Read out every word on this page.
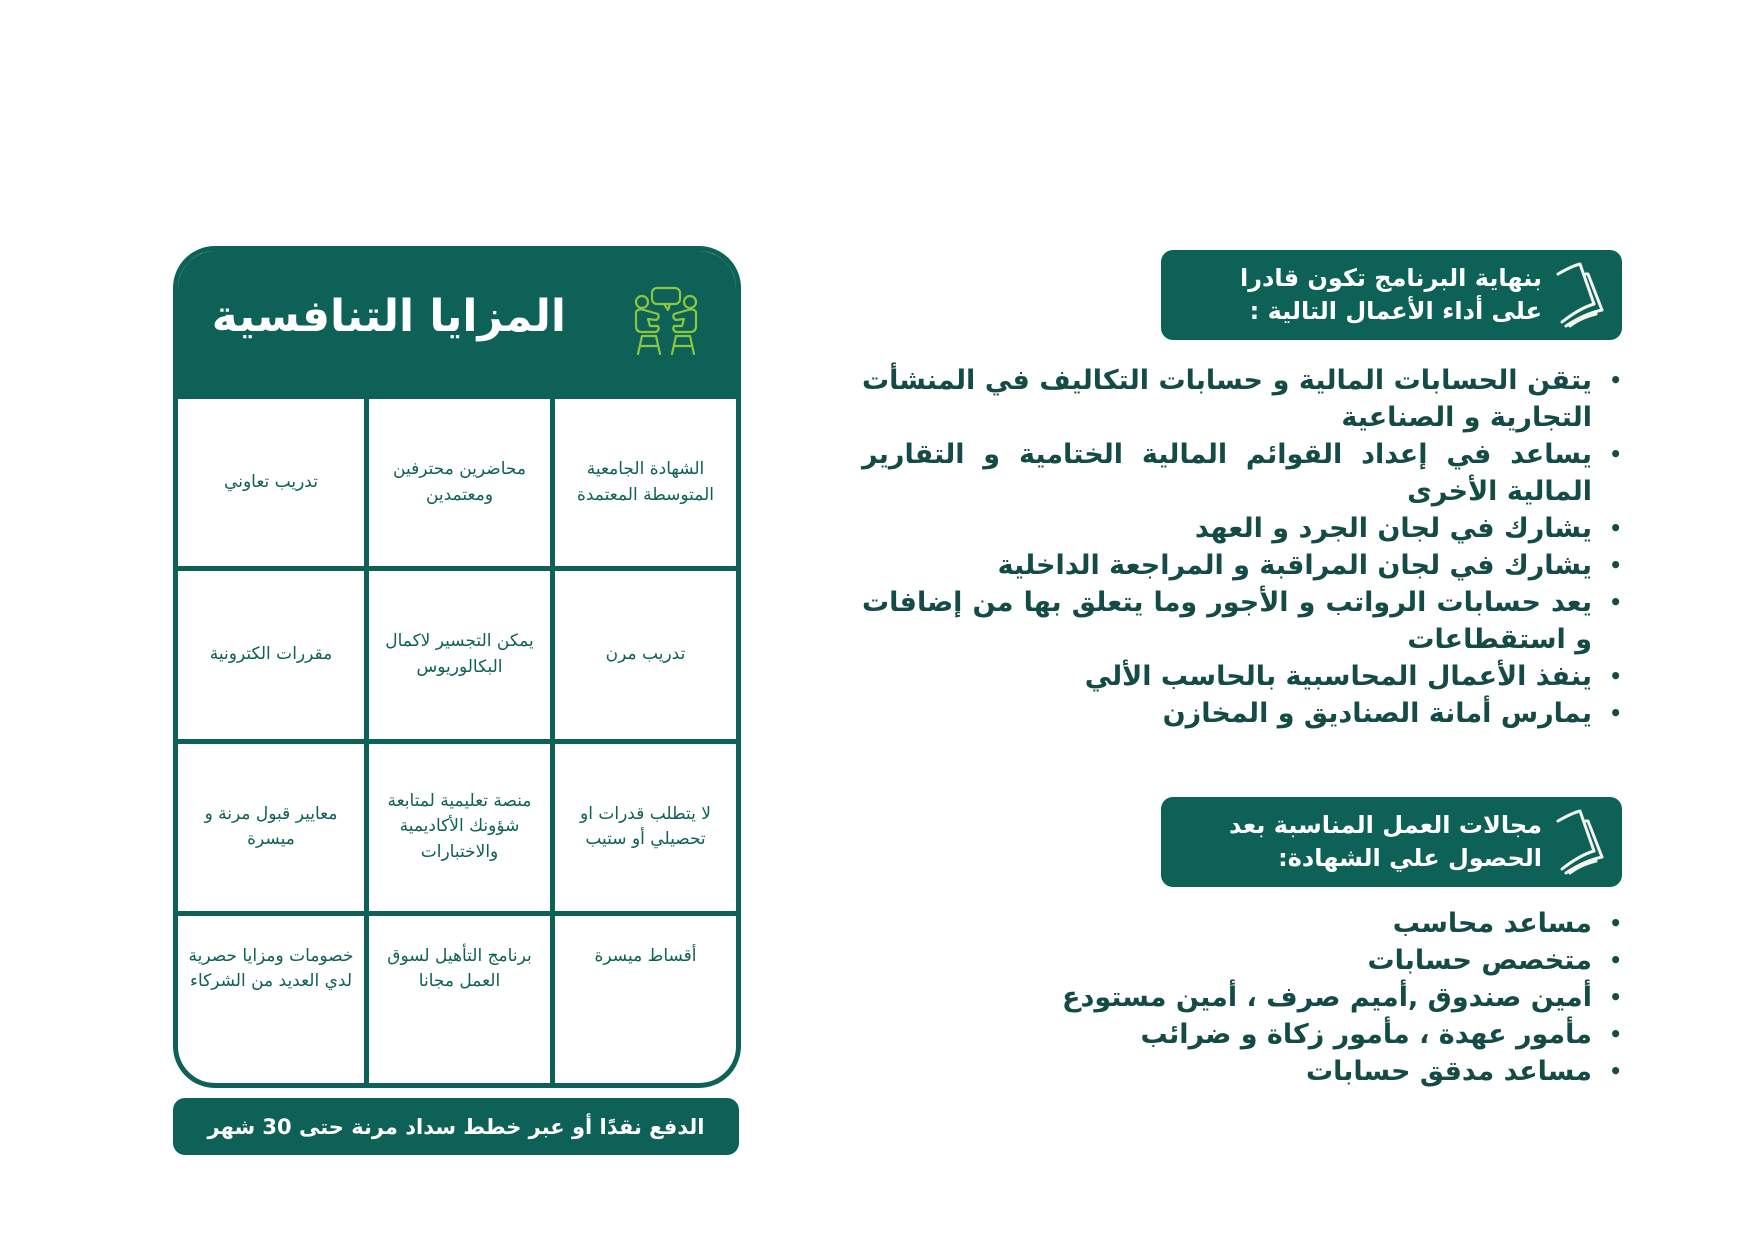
المزايا التنافسية
الشهادة الجامعية المتوسطة المعتمدة
محاضرين محترفين ومعتمدين
تدريب تعاوني
تدريب مرن
يمكن التجسير لاكمال البكالوريوس
مقررات الكترونية
لا يتطلب قدرات او تحصيلي أو ستيب
منصة تعليمية لمتابعة شؤونك الأكاديمية والاختبارات
معايير قبول مرنة و ميسرة
أقساط ميسرة
برنامج التأهيل لسوق العمل مجانا
خصومات ومزايا حصرية لدي العديد من الشركاء
الدفع نقدًا أو عبر خطط سداد مرنة حتى 30 شهر
بنهاية البرنامج تكون قادرا
على أداء الأعمال التالية :
•
يتقن الحسابات المالية و حسابات التكاليف في المنشأت التجارية و الصناعية
•
يساعد في إعداد القوائم المالية الختامية و التقارير المالية الأخرى
•
يشارك في لجان الجرد و العهد
•
يشارك في لجان المراقبة و المراجعة الداخلية
•
يعد حسابات الرواتب و الأجور وما يتعلق بها من إضافات و استقطاعات
•
ينفذ الأعمال المحاسبية بالحاسب الألي
•
يمارس أمانة الصناديق و المخازن
مجالات العمل المناسبة بعد
الحصول علي الشهادة:
•
مساعد محاسب
•
متخصص حسابات
•
أمين صندوق ,أميم صرف ، أمين مستودع
•
مأمور عهدة ، مأمور زكاة و ضرائب
•
مساعد مدقق حسابات
